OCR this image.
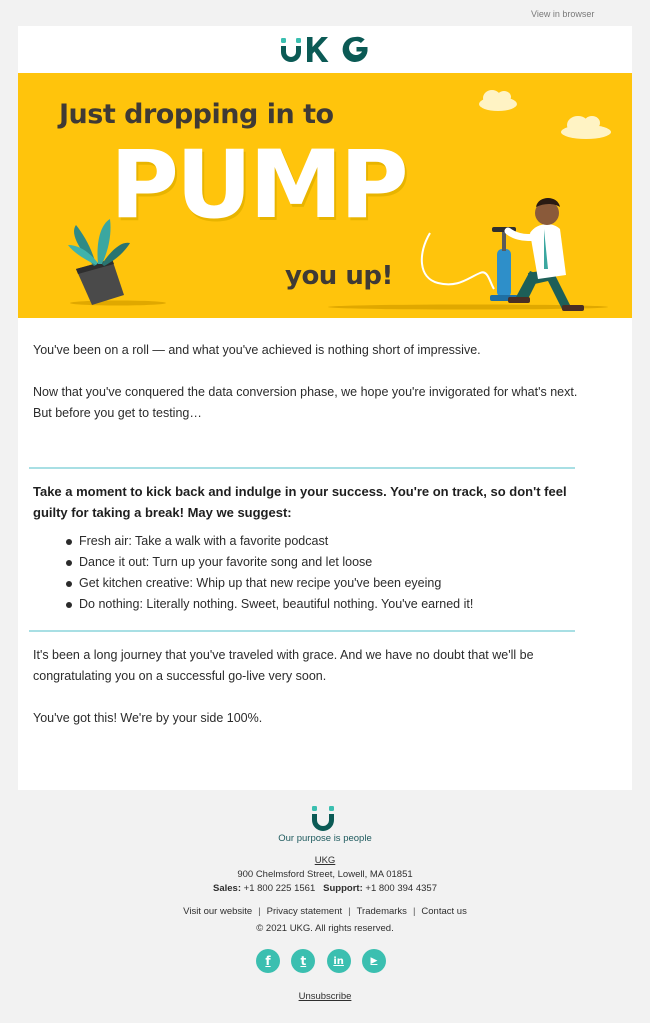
View in browser
Just dropping in to
PUMP
you up!

You've been on a roll — and what you've achieved is nothing short of impressive.

Now that you've conquered the data conversion phase, we hope you're invigorated for what's next. But before you get to testing…

Take a moment to kick back and indulge in your success. You're on track, so don't feel guilty for taking a break! May we suggest:

Fresh air: Take a walk with a favorite podcast
Dance it out: Turn up your favorite song and let loose
Get kitchen creative: Whip up that new recipe you've been eyeing
Do nothing: Literally nothing. Sweet, beautiful nothing. You've earned it!

It's been a long journey that you've traveled with grace. And we have no doubt that we'll be congratulating you on a successful go-live very soon.

You've got this! We're by your side 100%.

Our purpose is people
UKG
900 Chelmsford Street, Lowell, MA 01851
Sales: +1 800 225 1561 Support: +1 800 394 4357
Visit our website | Privacy statement | Trademarks | Contact us
© 2021 UKG. All rights reserved.
f	t	in	▶
Unsubscribe
